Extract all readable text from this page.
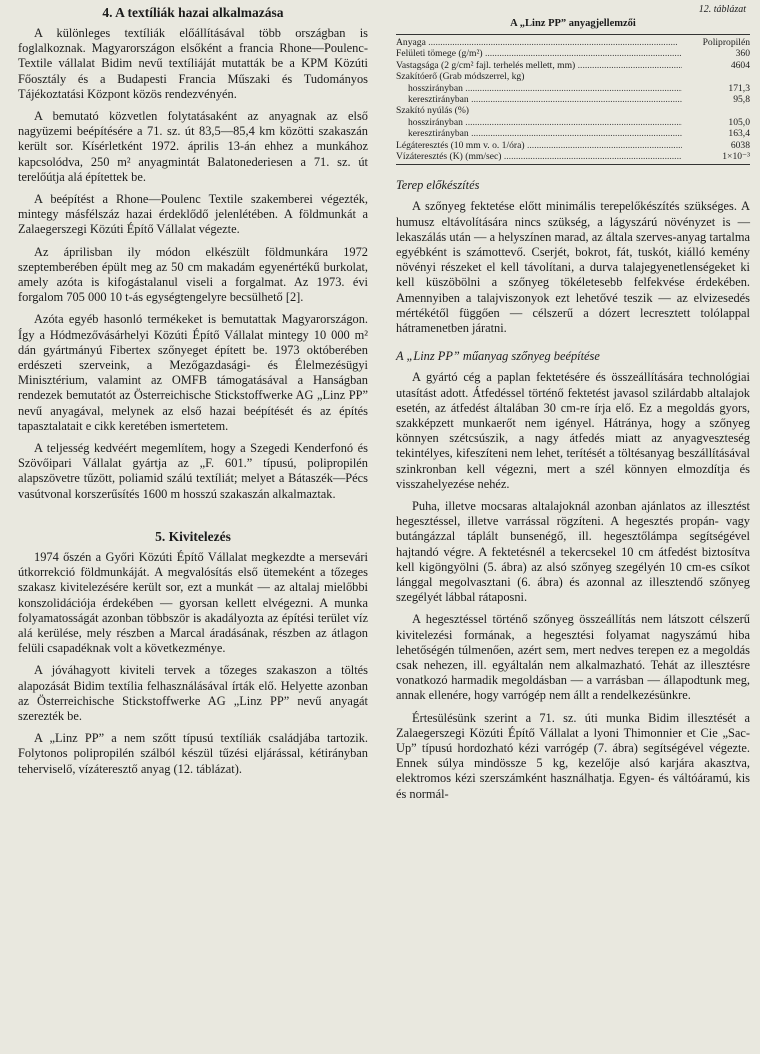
4. A textíliák hazai alkalmazása

A különleges textíliák előállításával több országban is foglalkoznak. Magyarországon elsőként a francia Rhone—Poulenc-Textile vállalat Bidim nevű textíliáját mutatták be a KPM Közúti Főosztály és a Budapesti Francia Műszaki és Tudományos Tájékoztatási Központ közös rendezvényén.

A bemutató közvetlen folytatásaként az anyagnak az első nagyüzemi beépítésére a 71. sz. út 83,5—85,4 km közötti szakaszán került sor. Kísérletként 1972. április 13-án ehhez a munkához kapcsolódva, 250 m² anyagmintát Balatonederiesen a 71. sz. út terelőútja alá építettek be.

A beépítést a Rhone—Poulenc Textile szakemberei végezték, mintegy másfélszáz hazai érdeklődő jelenlétében. A földmunkát a Zalaegerszegi Közúti Építő Vállalat végezte.

Az áprilisban ily módon elkészült földmunkára 1972 szeptemberében épült meg az 50 cm makadám egyenértékű burkolat, amely azóta is kifogástalanul viseli a forgalmat. Az 1973. évi forgalom 705 000 10 t-ás egységtengelyre becsülhető [2].

Azóta egyéb hasonló termékeket is bemutattak Magyarországon. Így a Hódmezővásárhelyi Közúti Építő Vállalat mintegy 10 000 m² dán gyártmányú Fibertex szőnyeget épített be. 1973 októberében erdészeti szerveink, a Mezőgazdasági- és Élelmezésügyi Minisztérium, valamint az OMFB támogatásával a Hanságban rendezek bemutatót az Österreichische Stickstoffwerke AG „Linz PP” nevű anyagával, melynek az első hazai beépítését és az építés tapasztalatait e cikk keretében ismertetem.

A teljesség kedvéért megemlítem, hogy a Szegedi Kenderfonó és Szövőipari Vállalat gyártja az „F. 601.” típusú, polipropilén alapszövetre tűzött, poliamid szálú textíliát; melyet a Bátaszék—Pécs vasútvonal korszerűsítés 1600 m hosszú szakaszán alkalmaztak.

5. Kivitelezés

1974 őszén a Győri Közúti Építő Vállalat megkezdte a mersevári útkorrekció földmunkáját. A megvalósítás első ütemeként a tőzeges szakasz kivitelezésére került sor, ezt a munkát — az altalaj mielőbbi konszolidációja érdekében — gyorsan kellett elvégezni. A munka folyamatosságát azonban többször is akadályozta az építési terület víz alá kerülése, mely részben a Marcal áradásának, részben az átlagon felüli csapadéknak volt a következménye.

A jóváhagyott kiviteli tervek a tőzeges szakaszon a töltés alapozását Bidim textília felhasználásával írták elő. Helyette azonban az Österreichische Stickstoffwerke AG „Linz PP” nevű anyagát szerezték be.

A „Linz PP” a nem szőtt típusú textíliák családjába tartozik. Folytonos polipropilén szálból készül tűzési eljárással, kétirányban teherviselő, vízáteresztő anyag (12. táblázat).

12. táblázat
A „Linz PP” anyagjellemzői
Anyaga .....	Polipropilén
Felületi tömege (g/m²) .....	360
Vastagsága (2 g/cm² fajl. terhelés mellett, mm) .....	4604
Szakítóerő (Grab módszerrel, kg)
hosszirányban .....	171,3
keresztirányban .....	95,8
Szakító nyúlás (%)
hosszirányban .....	105,0
keresztirányban .....	163,4
Légáteresztés (10 mm v. o. 1/óra) .....	6038
Vízáteresztés (K) (mm/sec) .....	1×10⁻³
Terep előkészítés

A szőnyeg fektetése előtt minimális terepelőkészítés szükséges. A humusz eltávolítására nincs szükség, a lágyszárú növényzet is — lekaszálás után — a helyszínen marad, az általa szerves-anyag tartalma egyébként is számottevő. Cserjét, bokrot, fát, tuskót, kiálló kemény növényi részeket el kell távolítani, a durva talajegyenetlenségeket ki kell küszöbölni a szőnyeg tökéletesebb felfekvése érdekében. Amennyiben a talajviszonyok ezt lehetővé teszik — az elvizesedés mértékétől függően — célszerű a dózert lecresztett tolólappal hátramenetben járatni.

A „Linz PP” műanyag szőnyeg beépítése

A gyártó cég a paplan fektetésére és összeállítására technológiai utasítást adott. Átfedéssel történő fektetést javasol szilárdabb altalajok esetén, az átfedést általában 30 cm-re írja elő. Ez a megoldás gyors, szakképzett munkaerőt nem igényel. Hátránya, hogy a szőnyeg könnyen szétcsúszik, a nagy átfedés miatt az anyagveszteség tekintélyes, kifeszíteni nem lehet, terítését a töltésanyag beszállításával szinkronban kell végezni, mert a szél könnyen elmozdítja és visszahelyezése nehéz.

Puha, illetve mocsaras altalajoknál azonban ajánlatos az illesztést hegesztéssel, illetve varrással rögzíteni. A hegesztés propán- vagy butángázzal táplált bunsenégő, ill. hegesztőlámpa segítségével hajtandó végre. A fektetésnél a tekercsekel 10 cm átfedést biztosítva kell kigöngyölni (5. ábra) az alsó szőnyeg szegélyén 10 cm-es csíkot lánggal megolvasztani (6. ábra) és azonnal az illesztendő szőnyeg szegélyét lábbal rátaposni.

A hegesztéssel történő szőnyeg összeállítás nem látszott célszerű kivitelezési formának, a hegesztési folyamat nagyszámú hiba lehetőségén túlmenően, azért sem, mert nedves terepen ez a megoldás csak nehezen, ill. egyáltalán nem alkalmazható. Tehát az illesztésre vonatkozó harmadik megoldásban — a varrásban — állapodtunk meg, annak ellenére, hogy varrógép nem állt a rendelkezésünkre.

Értesülésünk szerint a 71. sz. úti munka Bidim illesztését a Zalaegerszegi Közúti Építő Vállalat a lyoni Thimonnier et Cie „Sac-Up” típusú hordozható kézi varrógép (7. ábra) segítségével végezte. Ennek súlya mindössze 5 kg, kezelője alsó karjára akasztva, elektromos kézi szerszámként használhatja. Egyen- és váltóáramú, kis és normál-
